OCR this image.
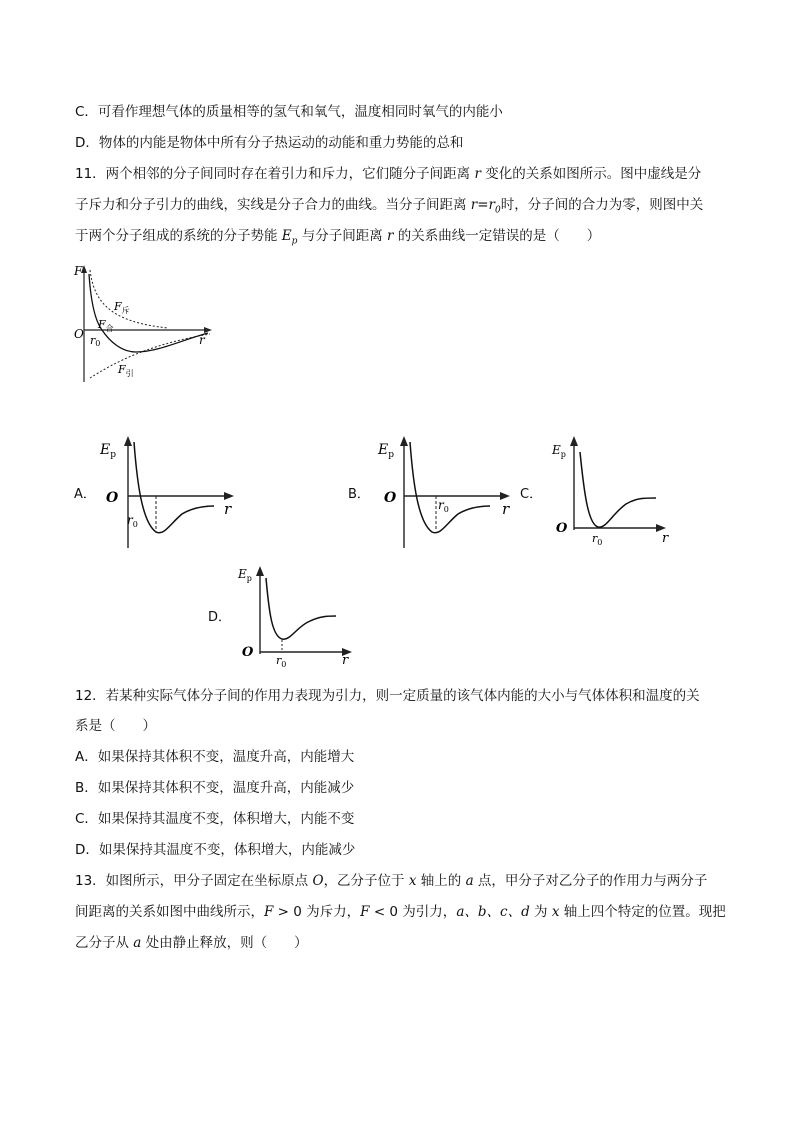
C．可看作理想气体的质量相等的氢气和氧气，温度相同时氧气的内能小
D．物体的内能是物体中所有分子热运动的动能和重力势能的总和
11．两个相邻的分子间同时存在着引力和斥力，它们随分子间距离 r 变化的关系如图所示。图中虚线是分
子斥力和分子引力的曲线，实线是分子合力的曲线。当分子间距离 $r=r_0$时，分子间的合力为零，则图中关
于两个分子组成的系统的分子势能 $E_p$ 与分子间距离 r 的关系曲线一定错误的是（　　）
F
O	r
r0
$F_斥$
$F_合$
$F_引$
A．
$E_p$
O
r
$r_0$
B．
$E_p$
O
r
$r_0$
C．
$E_p$
O
r
$r_0$
D．
$E_p$
O
r
$r_0$
12．若某种实际气体分子间的作用力表现为引力，则一定质量的该气体内能的大小与气体体积和温度的关
系是（　　）
A．如果保持其体积不变，温度升高，内能增大
B．如果保持其体积不变，温度升高，内能减少
C．如果保持其温度不变，体积增大，内能不变
D．如果保持其温度不变，体积增大，内能减少
13．如图所示，甲分子固定在坐标原点 O，乙分子位于 x 轴上的 a 点，甲分子对乙分子的作用力与两分子
间距离的关系如图中曲线所示，F > 0 为斥力，F < 0 为引力，a、b、c、d 为 x 轴上四个特定的位置。现把
乙分子从 a 处由静止释放，则（　　）
